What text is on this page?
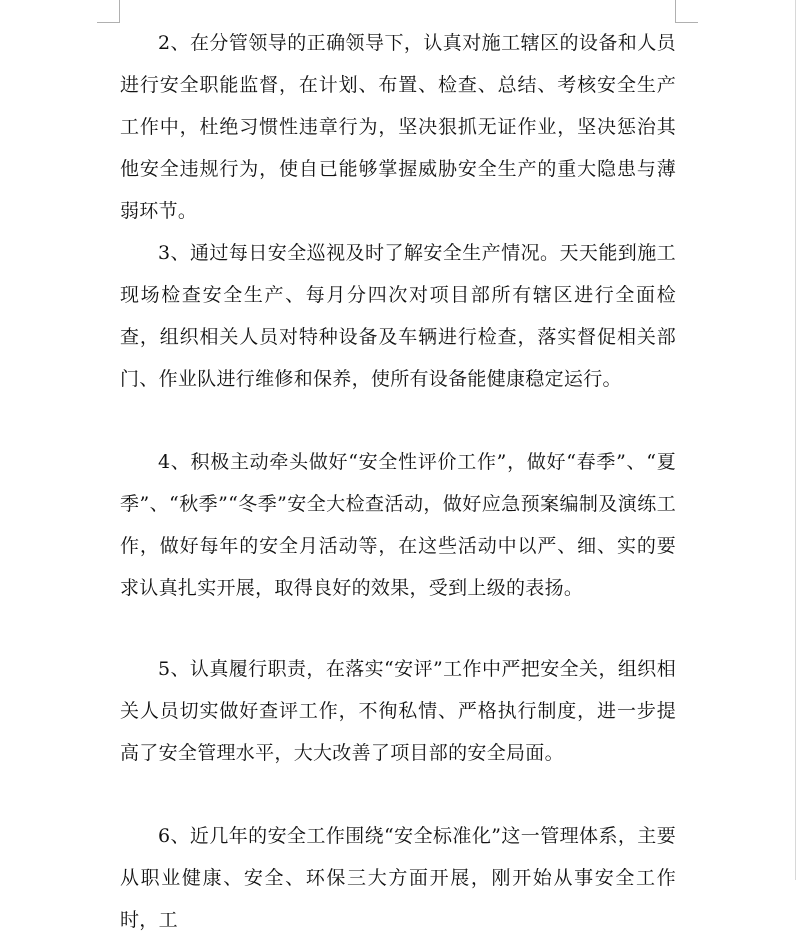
2、在分管领导的正确领导下，认真对施工辖区的设备和人员进行安全职能监督，在计划、布置、检查、总结、考核安全生产工作中，杜绝习惯性违章行为，坚决狠抓无证作业，坚决惩治其他安全违规行为，使自已能够掌握威胁安全生产的重大隐患与薄弱环节。

3、通过每日安全巡视及时了解安全生产情况。天天能到施工现场检查安全生产、每月分四次对项目部所有辖区进行全面检查，组织相关人员对特种设备及车辆进行检查，落实督促相关部门、作业队进行维修和保养，使所有设备能健康稳定运行。

4、积极主动牵头做好“安全性评价工作”，做好“春季”、“夏季”、“秋季”“冬季”安全大检查活动，做好应急预案编制及演练工作，做好每年的安全月活动等，在这些活动中以严、细、实的要求认真扎实开展，取得良好的效果，受到上级的表扬。

5、认真履行职责，在落实“安评”工作中严把安全关，组织相关人员切实做好查评工作，不徇私情、严格执行制度，进一步提高了安全管理水平，大大改善了项目部的安全局面。

6、近几年的安全工作围绕“安全标准化”这一管理体系，主要从职业健康、安全、环保三大方面开展，刚开始从事安全工作时，工
